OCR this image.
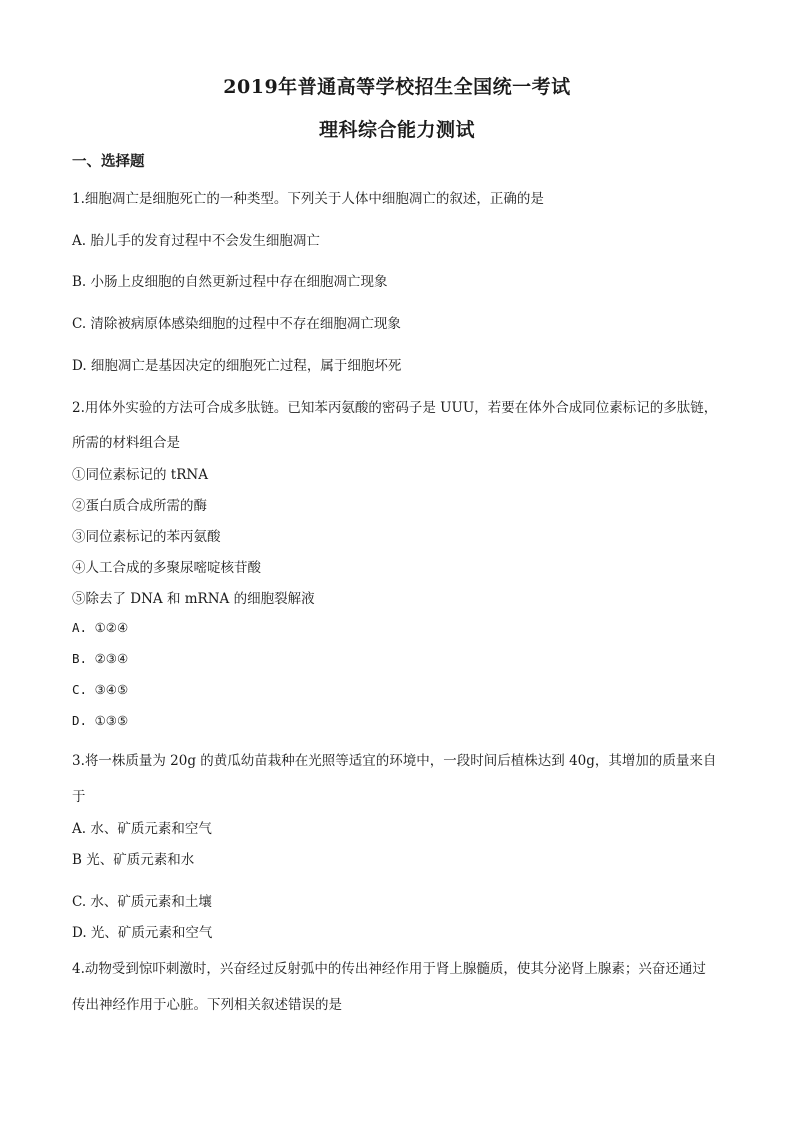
2019年普通高等学校招生全国统一考试
理科综合能力测试
一、选择题
1.细胞凋亡是细胞死亡的一种类型。下列关于人体中细胞凋亡的叙述，正确的是
A. 胎儿手的发育过程中不会发生细胞凋亡
B. 小肠上皮细胞的自然更新过程中存在细胞凋亡现象
C. 清除被病原体感染细胞的过程中不存在细胞凋亡现象
D. 细胞凋亡是基因决定的细胞死亡过程，属于细胞坏死
2.用体外实验的方法可合成多肽链。已知苯丙氨酸的密码子是 UUU，若要在体外合成同位素标记的多肽链，
所需的材料组合是
①同位素标记的 tRNA
②蛋白质合成所需的酶
③同位素标记的苯丙氨酸
④人工合成的多聚尿嘧啶核苷酸
⑤除去了 DNA 和 mRNA 的细胞裂解液
A. ①②④
B. ②③④
C. ③④⑤
D. ①③⑤
3.将一株质量为 20g 的黄瓜幼苗栽种在光照等适宜的环境中，一段时间后植株达到 40g，其增加的质量来自
于
A. 水、矿质元素和空气
B 光、矿质元素和水
C. 水、矿质元素和土壤
D. 光、矿质元素和空气
4.动物受到惊吓刺激时，兴奋经过反射弧中的传出神经作用于肾上腺髓质，使其分泌肾上腺素；兴奋还通过
传出神经作用于心脏。下列相关叙述错误的是
